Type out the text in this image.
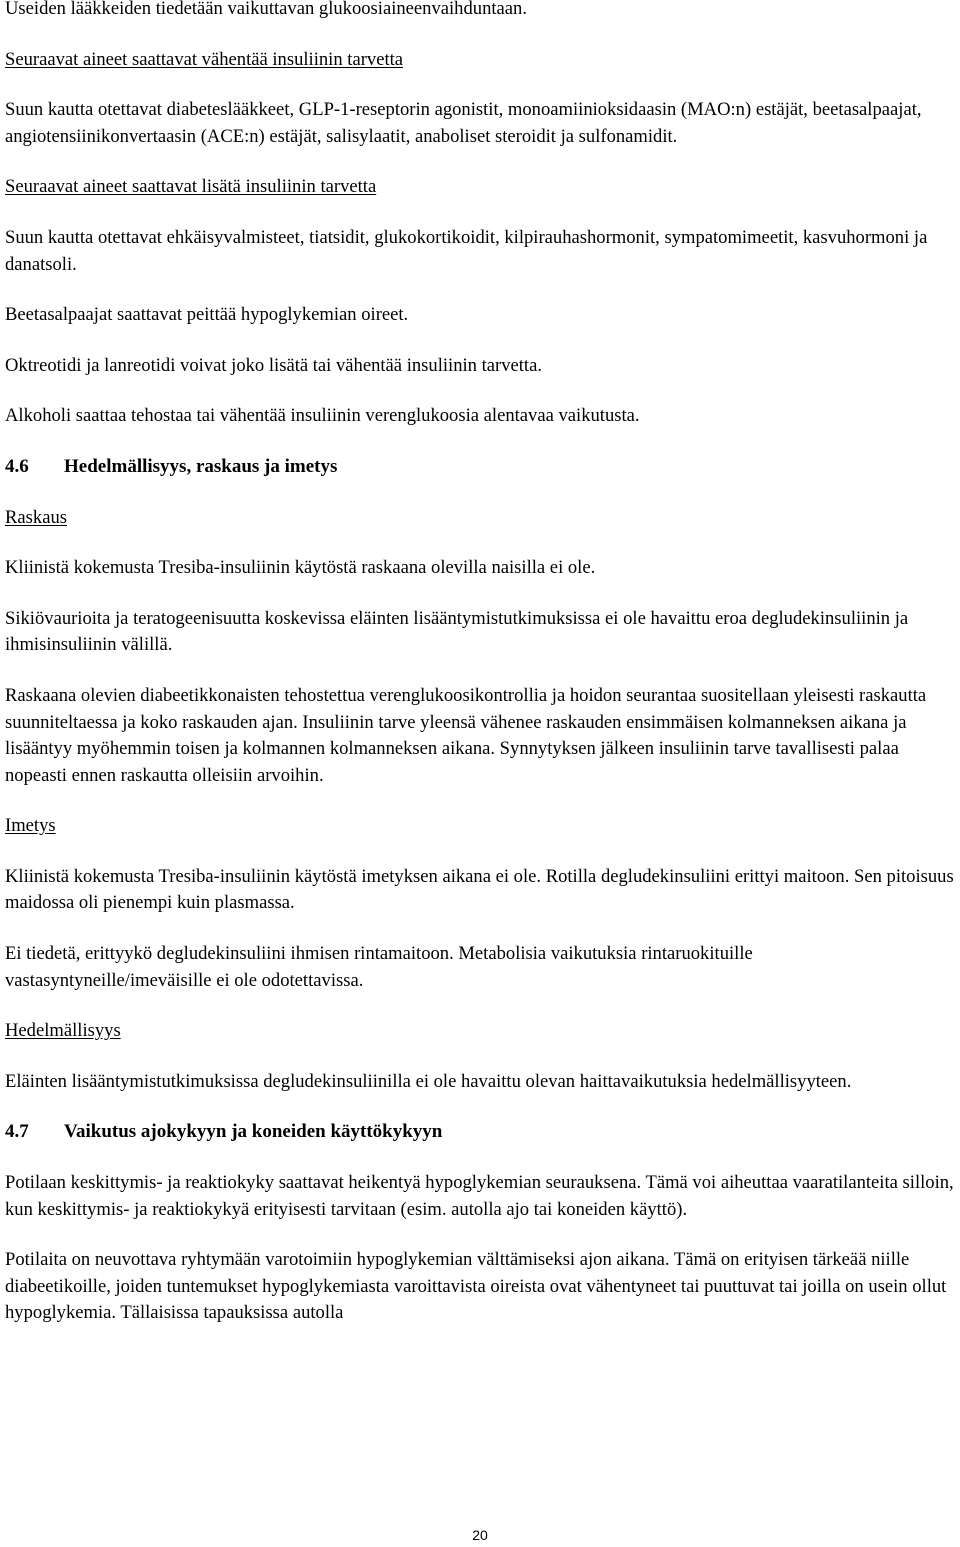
Useiden lääkkeiden tiedetään vaikuttavan glukoosiaineenvaihduntaan.

Seuraavat aineet saattavat vähentää insuliinin tarvetta

Suun kautta otettavat diabeteslääkkeet, GLP-1-reseptorin agonistit, monoamiinioksidaasin (MAO:n) estäjät, beetasalpaajat, angiotensiinikonvertaasin (ACE:n) estäjät, salisylaatit, anaboliset steroidit ja sulfonamidit.

Seuraavat aineet saattavat lisätä insuliinin tarvetta

Suun kautta otettavat ehkäisyvalmisteet, tiatsidit, glukokortikoidit, kilpirauhashormonit, sympatomimeetit, kasvuhormoni ja danatsoli.

Beetasalpaajat saattavat peittää hypoglykemian oireet.

Oktreotidi ja lanreotidi voivat joko lisätä tai vähentää insuliinin tarvetta.

Alkoholi saattaa tehostaa tai vähentää insuliinin verenglukoosia alentavaa vaikutusta.

4.6	Hedelmällisyys, raskaus ja imetys

Raskaus

Kliinistä kokemusta Tresiba-insuliinin käytöstä raskaana olevilla naisilla ei ole.

Sikiövaurioita ja teratogeenisuutta koskevissa eläinten lisääntymistutkimuksissa ei ole havaittu eroa degludekinsuliinin ja ihmisinsuliinin välillä.

Raskaana olevien diabeetikkonaisten tehostettua verenglukoosikontrollia ja hoidon seurantaa suositellaan yleisesti raskautta suunniteltaessa ja koko raskauden ajan. Insuliinin tarve yleensä vähenee raskauden ensimmäisen kolmanneksen aikana ja lisääntyy myöhemmin toisen ja kolmannen kolmanneksen aikana. Synnytyksen jälkeen insuliinin tarve tavallisesti palaa nopeasti ennen raskautta olleisiin arvoihin.

Imetys

Kliinistä kokemusta Tresiba-insuliinin käytöstä imetyksen aikana ei ole. Rotilla degludekinsuliini erittyi maitoon. Sen pitoisuus maidossa oli pienempi kuin plasmassa.

Ei tiedetä, erittyykö degludekinsuliini ihmisen rintamaitoon. Metabolisia vaikutuksia rintaruokituille vastasyntyneille/imeväisille ei ole odotettavissa.

Hedelmällisyys

Eläinten lisääntymistutkimuksissa degludekinsuliinilla ei ole havaittu olevan haittavaikutuksia hedelmällisyyteen.

4.7	Vaikutus ajokykyyn ja koneiden käyttökykyyn

Potilaan keskittymis- ja reaktiokyky saattavat heikentyä hypoglykemian seurauksena. Tämä voi aiheuttaa vaaratilanteita silloin, kun keskittymis- ja reaktiokykyä erityisesti tarvitaan (esim. autolla ajo tai koneiden käyttö).

Potilaita on neuvottava ryhtymään varotoimiin hypoglykemian välttämiseksi ajon aikana. Tämä on erityisen tärkeää niille diabeetikoille, joiden tuntemukset hypoglykemiasta varoittavista oireista ovat vähentyneet tai puuttuvat tai joilla on usein ollut hypoglykemia. Tällaisissa tapauksissa autolla

20
